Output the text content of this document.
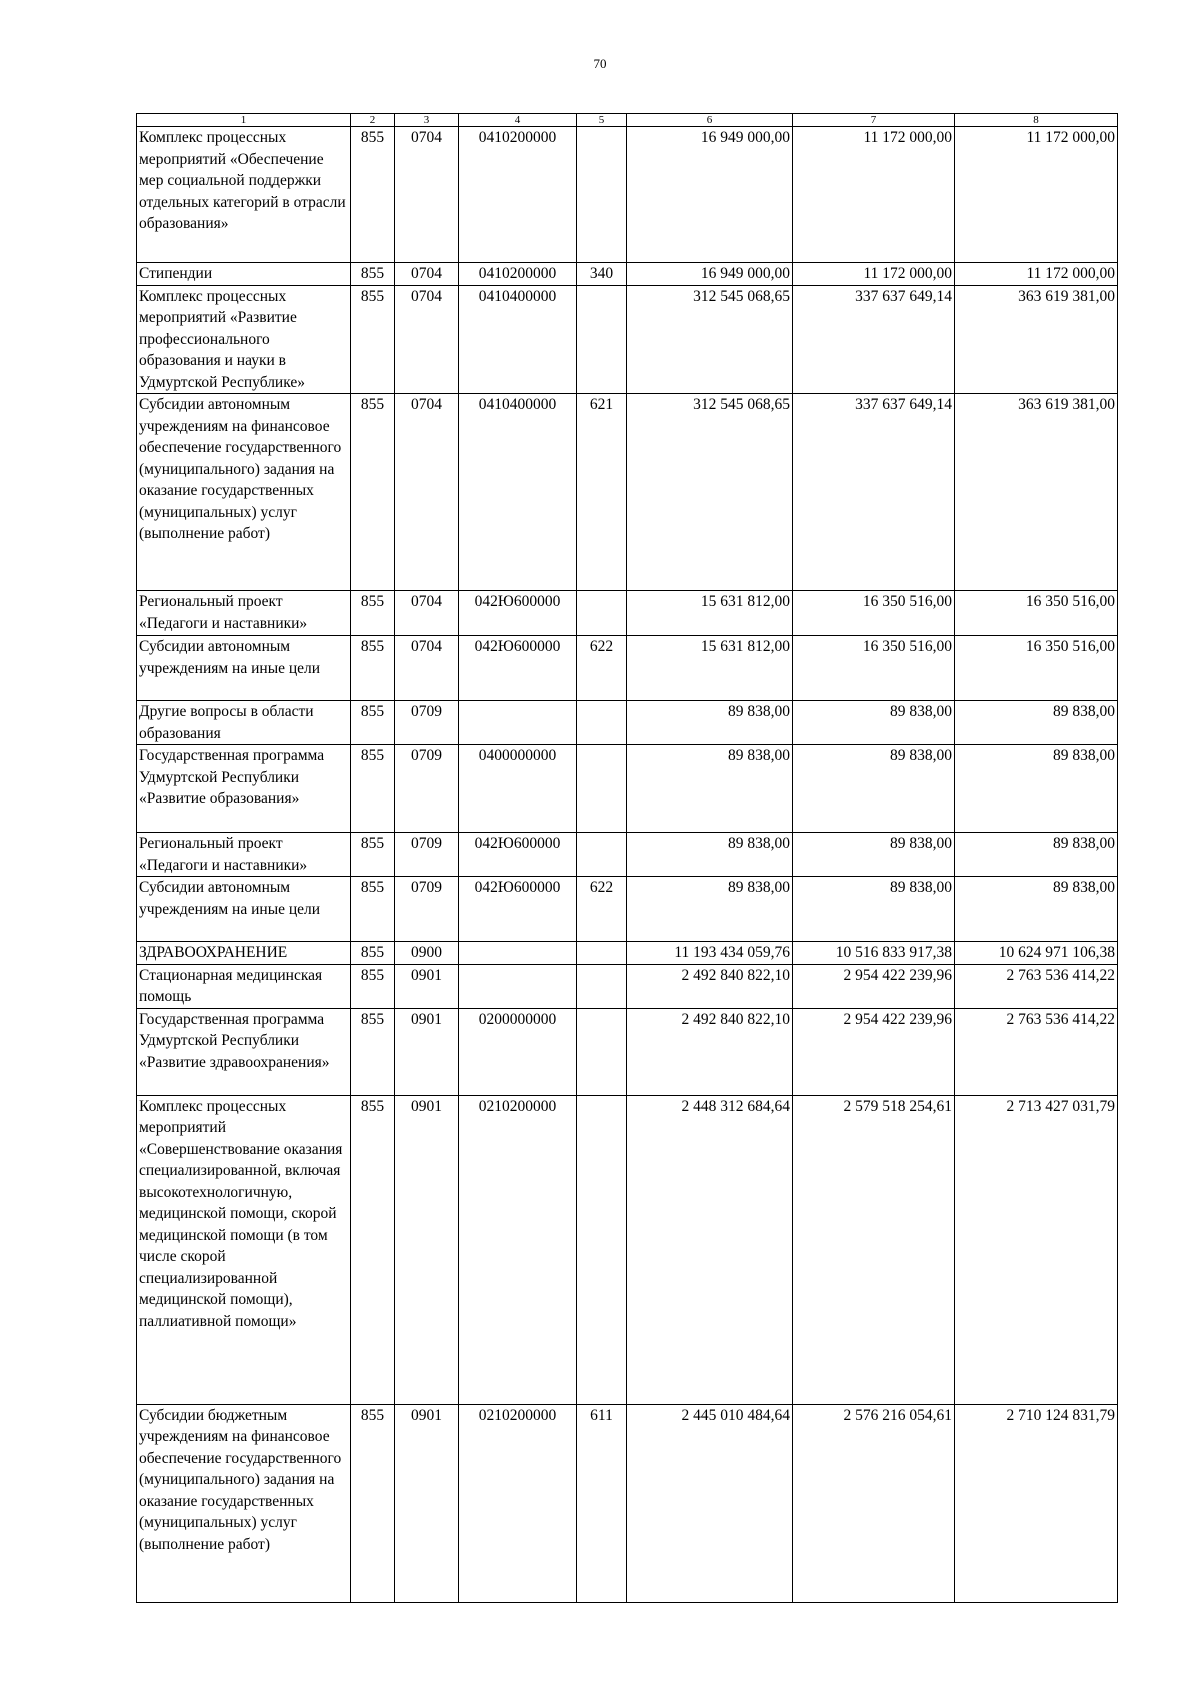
70
1	2	3	4	5	6	7	8
Комплекс процессных мероприятий «Обеспечение мер социальной поддержки отдельных категорий в отрасли образования»	855	0704	0410200000		16 949 000,00	11 172 000,00	11 172 000,00
Стипендии	855	0704	0410200000	340	16 949 000,00	11 172 000,00	11 172 000,00
Комплекс процессных мероприятий «Развитие профессионального образования и науки в Удмуртской Республике»	855	0704	0410400000		312 545 068,65	337 637 649,14	363 619 381,00
Субсидии автономным учреждениям на финансовое обеспечение государственного (муниципального) задания на оказание государственных (муниципальных) услуг (выполнение работ)	855	0704	0410400000	621	312 545 068,65	337 637 649,14	363 619 381,00
Региональный проект «Педагоги и наставники»	855	0704	042Ю600000		15 631 812,00	16 350 516,00	16 350 516,00
Субсидии автономным учреждениям на иные цели	855	0704	042Ю600000	622	15 631 812,00	16 350 516,00	16 350 516,00
Другие вопросы в области образования	855	0709			89 838,00	89 838,00	89 838,00
Государственная программа Удмуртской Республики «Развитие образования»	855	0709	0400000000		89 838,00	89 838,00	89 838,00
Региональный проект «Педагоги и наставники»	855	0709	042Ю600000		89 838,00	89 838,00	89 838,00
Субсидии автономным учреждениям на иные цели	855	0709	042Ю600000	622	89 838,00	89 838,00	89 838,00
ЗДРАВООХРАНЕНИЕ	855	0900			11 193 434 059,76	10 516 833 917,38	10 624 971 106,38
Стационарная медицинская помощь	855	0901			2 492 840 822,10	2 954 422 239,96	2 763 536 414,22
Государственная программа Удмуртской Республики «Развитие здравоохранения»	855	0901	0200000000		2 492 840 822,10	2 954 422 239,96	2 763 536 414,22
Комплекс процессных мероприятий «Совершенствование оказания специализированной, включая высокотехнологичную, медицинской помощи, скорой медицинской помощи (в том числе скорой специализированной медицинской помощи), паллиативной помощи»	855	0901	0210200000		2 448 312 684,64	2 579 518 254,61	2 713 427 031,79
Субсидии бюджетным учреждениям на финансовое обеспечение государственного (муниципального) задания на оказание государственных (муниципальных) услуг (выполнение работ)	855	0901	0210200000	611	2 445 010 484,64	2 576 216 054,61	2 710 124 831,79
